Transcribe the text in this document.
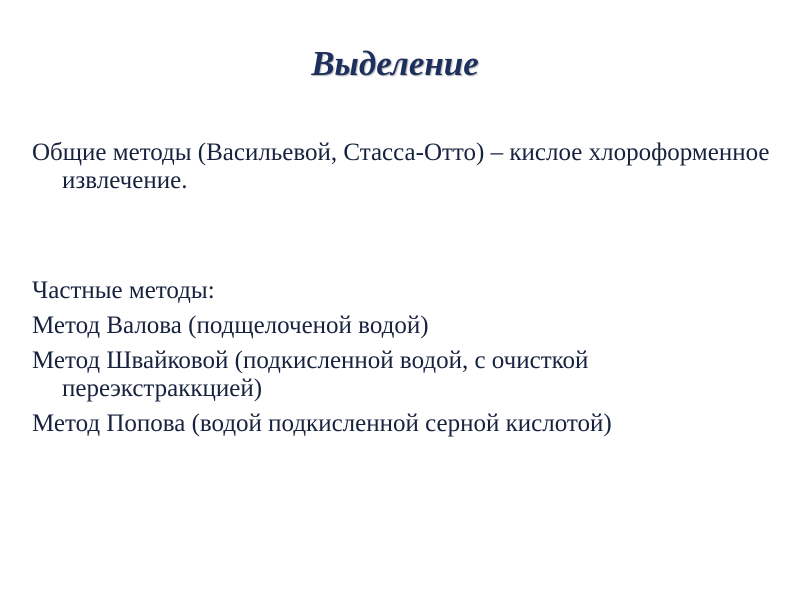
Выделение

Общие методы (Васильевой, Стасса-Отто) – кислое хлороформенное извлечение.

Частные методы:

Метод Валова (подщелоченой водой)

Метод Швайковой (подкисленной водой, с очисткой переэкстраккцией)

Метод Попова (водой подкисленной серной кислотой)
